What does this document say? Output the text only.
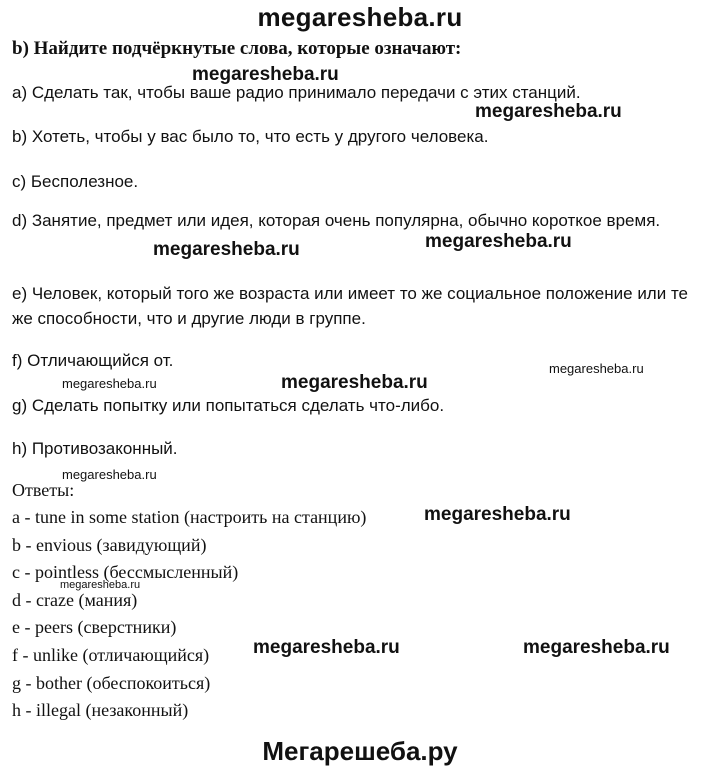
megaresheba.ru
b) Найдите подчёркнутые слова, которые означают:
a) Сделать так, чтобы ваше радио принимало передачи с этих станций.
b) Хотеть, чтобы у вас было то, что есть у другого человека.
c) Бесполезное.
d) Занятие, предмет или идея, которая очень популярна, обычно короткое время.
e) Человек, который того же возраста или имеет то же социальное положение или те же способности, что и другие люди в группе.
f) Отличающийся от.
g) Сделать попытку или попытаться сделать что-либо.
h) Противозаконный.
Ответы:
a - tune in some station (настроить на станцию)
b - envious (завидующий)
c - pointless (бессмысленный)
d - craze (мания)
e - peers (сверстники)
f - unlike (отличающийся)
g - bother (обеспокоиться)
h - illegal (незаконный)
megaresheba.ru
megaresheba.ru
megaresheba.ru	megaresheba.ru
megaresheba.ru
megaresheba.ru
megaresheba.ru
megaresheba.ru
megaresheba.ru
megaresheba.ru
megaresheba.ru	megaresheba.ru
Мегарешеба.ру
